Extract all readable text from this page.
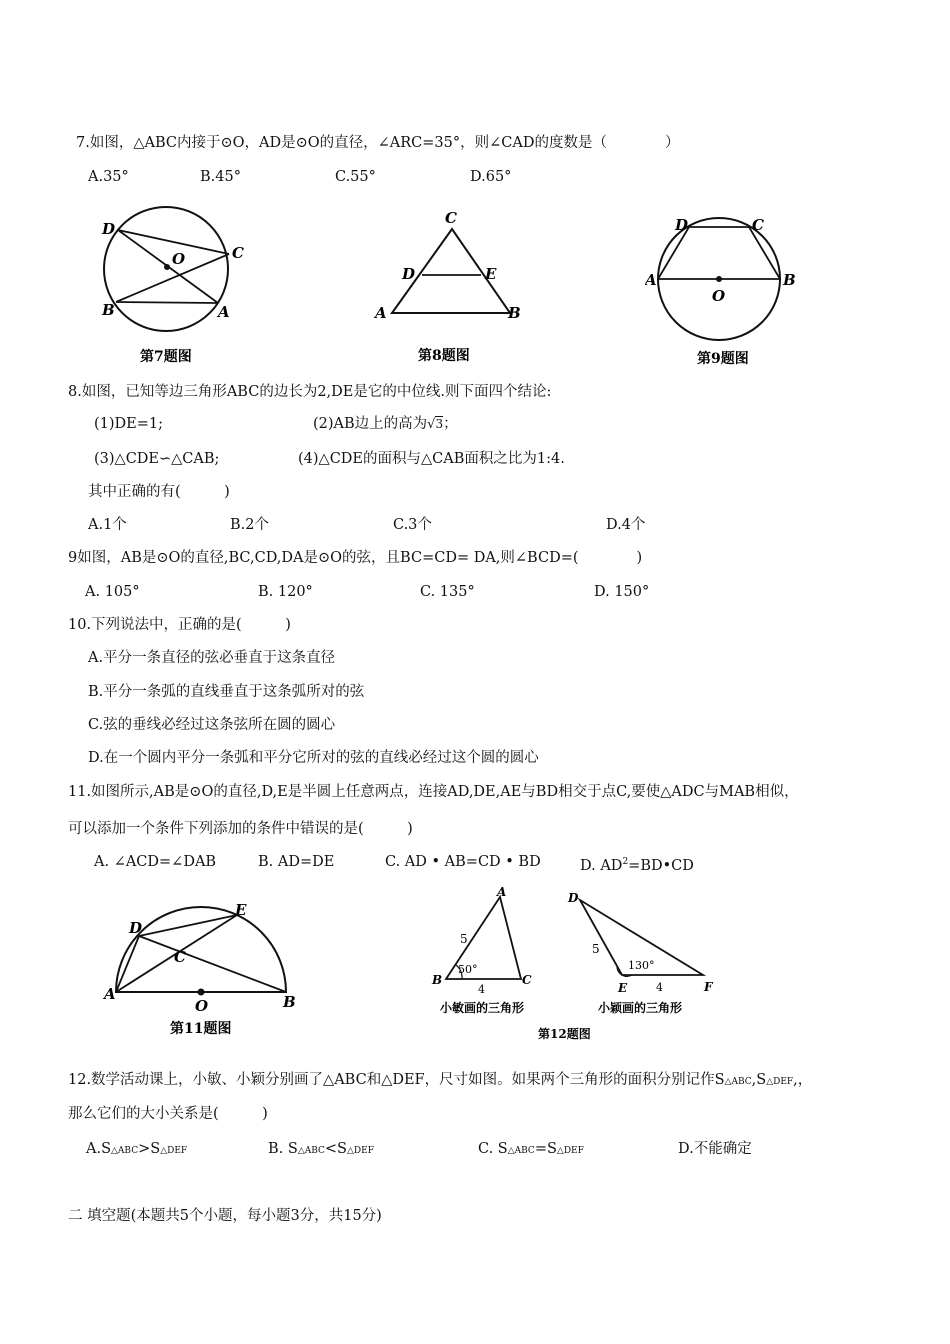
7.如图，△ABC内接于⊙O，AD是⊙O的直径，∠ARC=35°，则∠CAD的度数是（　　　　）
A.35°	B.45°	C.55°	D.65°
D
C
O
B	A
第7题图
C
D	E
A	B
第8题图
D	C
A
O
B
第9题图
8.如图，已知等边三角形ABC的边长为2,DE是它的中位线.则下面四个结论:
(1)DE=1;	(2)AB边上的高为√3；
(3)△CDE∽△CAB;	(4)△CDE的面积与△CAB面积之比为1:4.
其中正确的有(　　　)
A.1个	B.2个	C.3个	D.4个
9如图，AB是⊙O的直径,BC,CD,DA是⊙O的弦，且BC=CD= DA,则∠BCD=(　　　　)
A. 105°	B. 120°	C. 135°	D. 150°
10.下列说法中，正确的是(　　　)
A.平分一条直径的弦必垂直于这条直径
B.平分一条弧的直线垂直于这条弧所对的弦
C.弦的垂线必经过这条弦所在圆的圆心
D.在一个圆内平分一条弧和平分它所对的弦的直线必经过这个圆的圆心
11.如图所示,AB是⊙O的直径,D,E是半圆上任意两点，连接AD,DE,AE与BD相交于点C,要使△ADC与MAB相似，
可以添加一个条件下列添加的条件中错误的是(　　　)
A. ∠ACD=∠DAB	B. AD=DE	C. AD • AB=CD • BD	D. $AD^2=BD•CD$
D
E
C
A
O	B
第11题图
A
B	C
5
4
50°
小敏画的三角形
D
E	F
5
4
130°
小颖画的三角形
第12题图
12.数学活动课上，小敏、小颖分别画了△ABC和△DEF，尺寸如图。如果两个三角形的面积分别记作S△ABC,S△DEF,，
那么它们的大小关系是(　　　)
A.S△ABC>S△DEF	B. S△ABC<S△DEF	C. S△ABC=S△DEF	D.不能确定
二 填空题(本题共5个小题，每小题3分，共15分)
